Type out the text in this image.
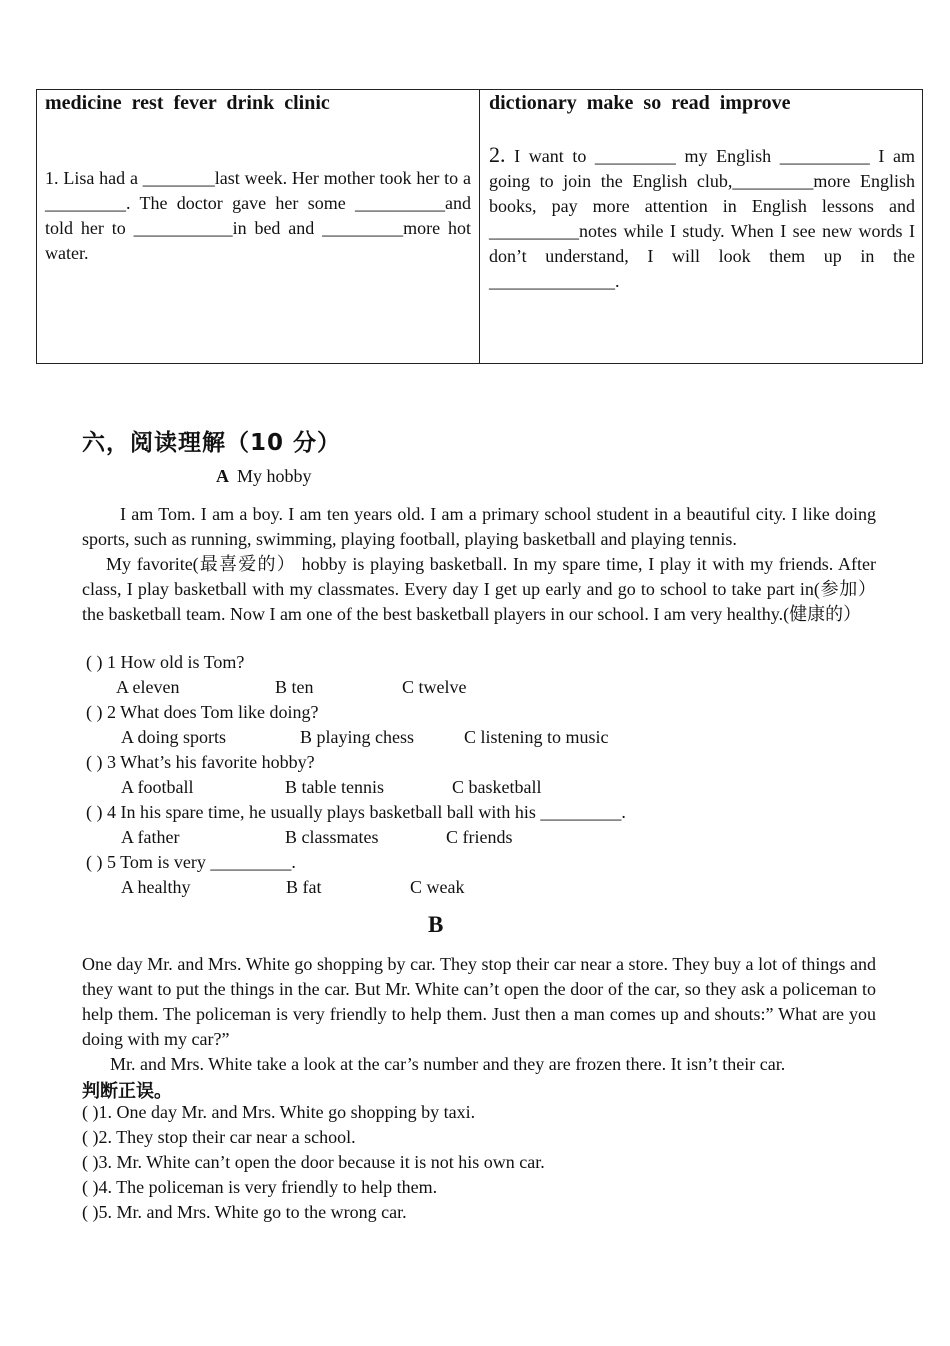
medicine rest fever drink clinic
1. Lisa had a ________last week. Her mother took her to a _________. The doctor gave her some __________and told her to ___________in bed and _________more hot water.
dictionary make so read improve
2. I want to _________ my English __________ I am going to join the English club,_________more English books, pay more attention in English lessons and __________notes while I study. When I see new words I don’t understand, I will look them up in the ______________.
六，阅读理解（10 分）
A My hobby
I am Tom. I am a boy. I am ten years old. I am a primary school student in a beautiful city. I like doing sports, such as running, swimming, playing football, playing basketball and playing tennis.
My favorite(最喜爱的） hobby is playing basketball. In my spare time, I play it with my friends. After class, I play basketball with my classmates. Every day I get up early and go to school to take part in(参加）the basketball team. Now I am one of the best basketball players in our school. I am very healthy.(健康的）
( ) 1 How old is Tom?
A eleven	B ten	C twelve
( ) 2 What does Tom like doing?
A doing sports	B playing chess	C listening to music
( ) 3 What’s his favorite hobby?
A football	B table tennis	C basketball
( ) 4 In his spare time, he usually plays basketball ball with his _________.
A father	B classmates	C friends
( ) 5 Tom is very _________.
A healthy	B fat	C weak
B
One day Mr. and Mrs. White go shopping by car. They stop their car near a store. They buy a lot of things and they want to put the things in the car. But Mr. White can’t open the door of the car, so they ask a policeman to help them. The policeman is very friendly to help them. Just then a man comes up and shouts:” What are you doing with my car?”
Mr. and Mrs. White take a look at the car’s number and they are frozen there. It isn’t their car.
判断正误。
( )1. One day Mr. and Mrs. White go shopping by taxi.
( )2. They stop their car near a school.
( )3. Mr. White can’t open the door because it is not his own car.
( )4. The policeman is very friendly to help them.
( )5. Mr. and Mrs. White go to the wrong car.
